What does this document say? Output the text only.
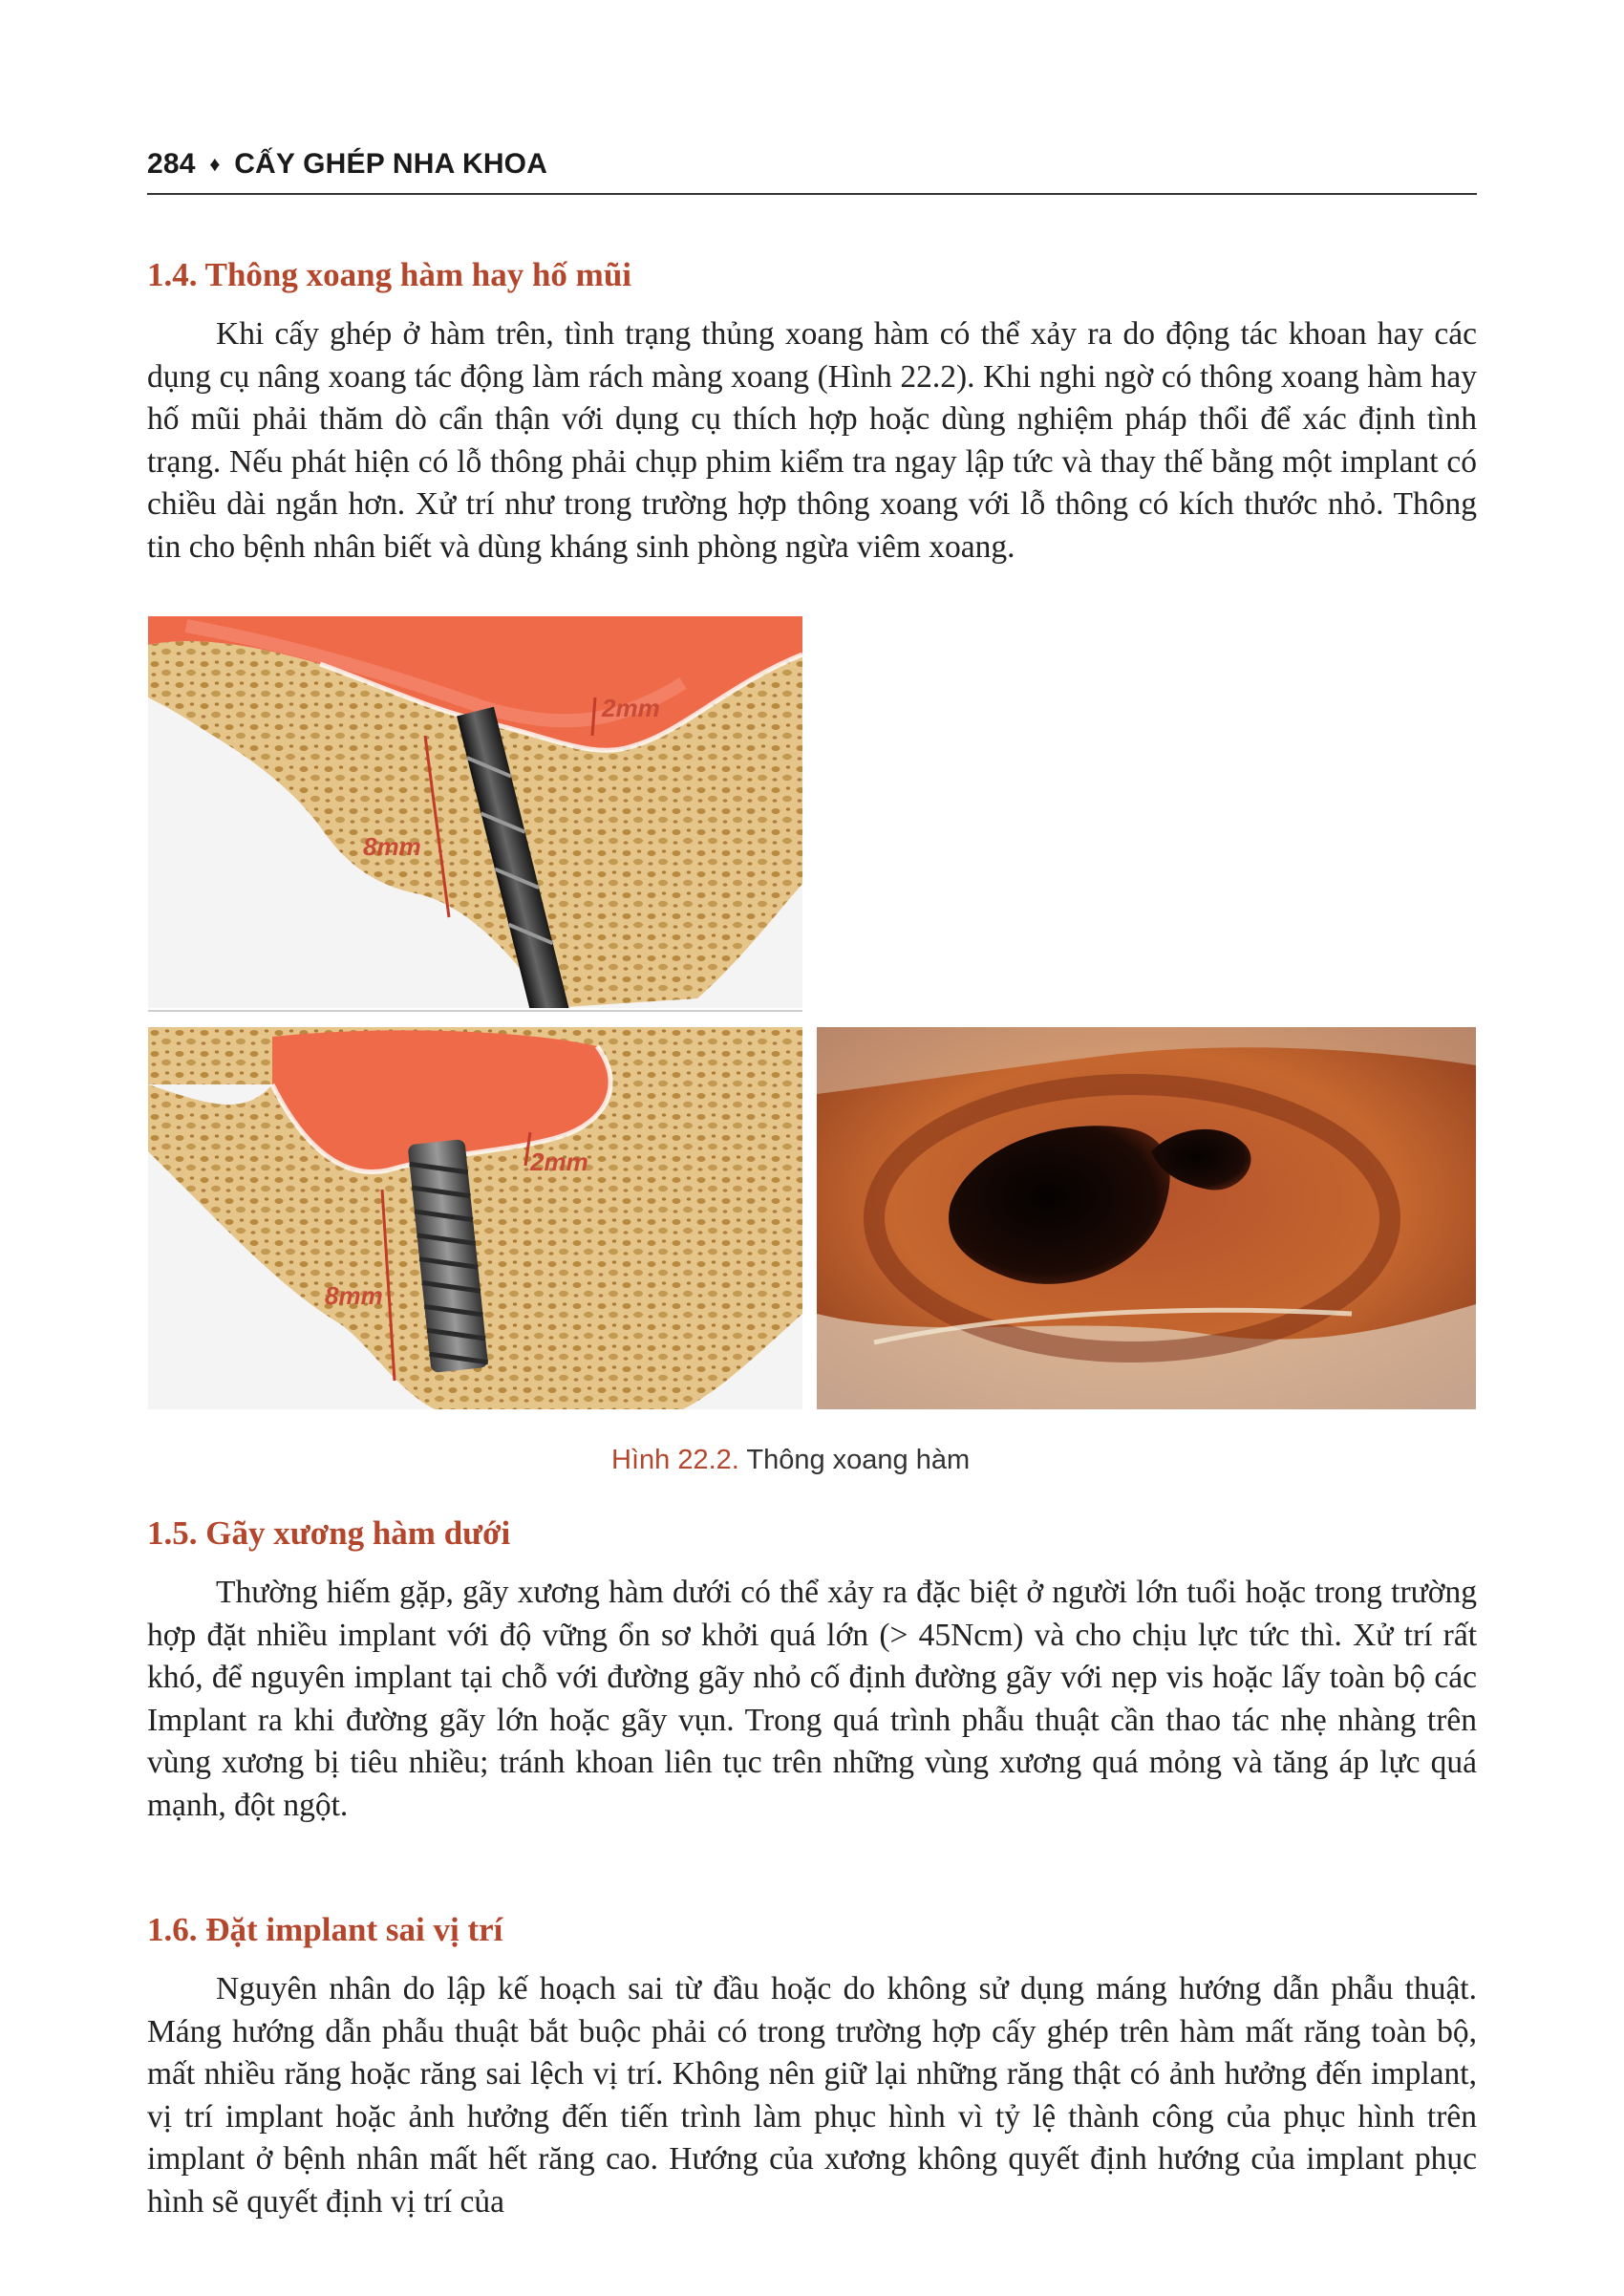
284 ♦ CẤY GHÉP NHA KHOA
1.4. Thông xoang hàm hay hố mũi

Khi cấy ghép ở hàm trên, tình trạng thủng xoang hàm có thể xảy ra do động tác khoan hay các dụng cụ nâng xoang tác động làm rách màng xoang (Hình 22.2). Khi nghi ngờ có thông xoang hàm hay hố mũi phải thăm dò cẩn thận với dụng cụ thích hợp hoặc dùng nghiệm pháp thổi để xác định tình trạng. Nếu phát hiện có lỗ thông phải chụp phim kiểm tra ngay lập tức và thay thế bằng một implant có chiều dài ngắn hơn. Xử trí như trong trường hợp thông xoang với lỗ thông có kích thước nhỏ. Thông tin cho bệnh nhân biết và dùng kháng sinh phòng ngừa viêm xoang.

2mm
8mm
2mm
8mm
Hình 22.2. Thông xoang hàm
1.5. Gãy xương hàm dưới

Thường hiếm gặp, gãy xương hàm dưới có thể xảy ra đặc biệt ở người lớn tuổi hoặc trong trường hợp đặt nhiều implant với độ vững ổn sơ khởi quá lớn (> 45Ncm) và cho chịu lực tức thì. Xử trí rất khó, để nguyên implant tại chỗ với đường gãy nhỏ cố định đường gãy với nẹp vis hoặc lấy toàn bộ các Implant ra khi đường gãy lớn hoặc gãy vụn. Trong quá trình phẫu thuật cần thao tác nhẹ nhàng trên vùng xương bị tiêu nhiều; tránh khoan liên tục trên những vùng xương quá mỏng và tăng áp lực quá mạnh, đột ngột.

1.6. Đặt implant sai vị trí

Nguyên nhân do lập kế hoạch sai từ đầu hoặc do không sử dụng máng hướng dẫn phẫu thuật. Máng hướng dẫn phẫu thuật bắt buộc phải có trong trường hợp cấy ghép trên hàm mất răng toàn bộ, mất nhiều răng hoặc răng sai lệch vị trí. Không nên giữ lại những răng thật có ảnh hưởng đến implant, vị trí implant hoặc ảnh hưởng đến tiến trình làm phục hình vì tỷ lệ thành công của phục hình trên implant ở bệnh nhân mất hết răng cao. Hướng của xương không quyết định hướng của implant phục hình sẽ quyết định vị trí của
